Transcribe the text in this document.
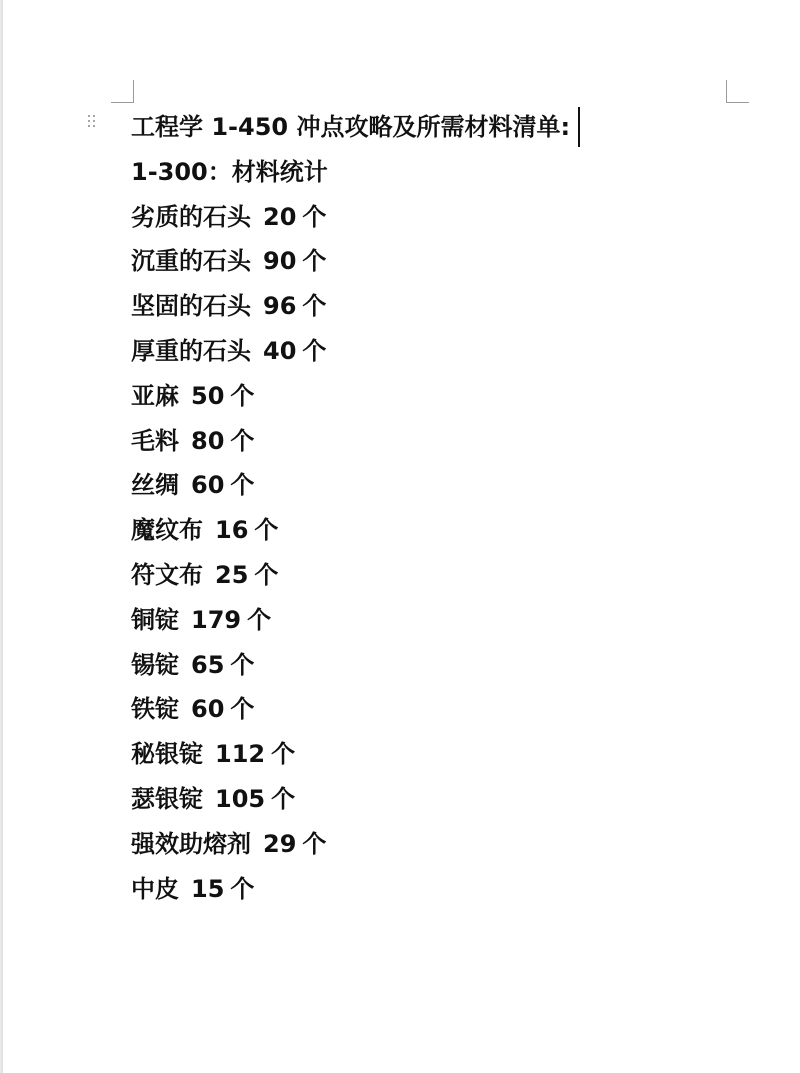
工程学 1-450 冲点攻略及所需材料清单:
1-300：材料统计
劣质的石头 20 个
沉重的石头 90 个
坚固的石头 96 个
厚重的石头 40 个
亚麻 50 个
毛料 80 个
丝绸 60 个
魔纹布 16 个
符文布 25 个
铜锭 179 个
锡锭 65 个
铁锭 60 个
秘银锭 112 个
瑟银锭 105 个
强效助熔剂 29 个
中皮 15 个
